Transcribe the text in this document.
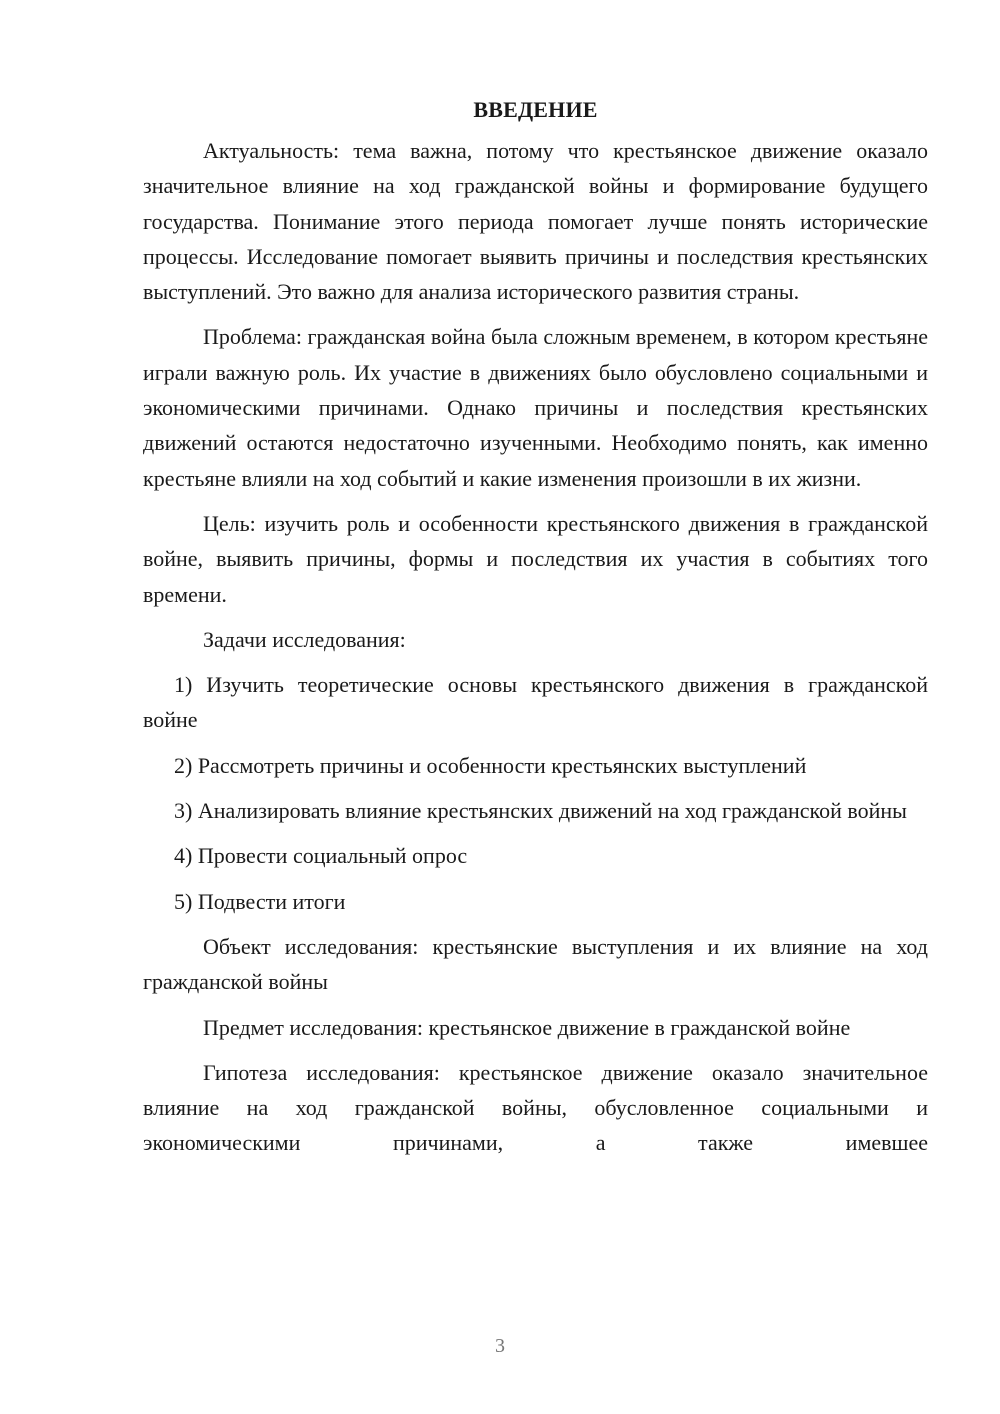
ВВЕДЕНИЕ

Актуальность: тема важна, потому что крестьянское движение оказало значительное влияние на ход гражданской войны и формирование будущего государства. Понимание этого периода помогает лучше понять исторические процессы. Исследование помогает выявить причины и последствия крестьянских выступлений. Это важно для анализа исторического развития страны.

Проблема: гражданская война была сложным временем, в котором крестьяне играли важную роль. Их участие в движениях было обусловлено социальными и экономическими причинами. Однако причины и последствия крестьянских движений остаются недостаточно изученными. Необходимо понять, как именно крестьяне влияли на ход событий и какие изменения произошли в их жизни.

Цель: изучить роль и особенности крестьянского движения в гражданской войне, выявить причины, формы и последствия их участия в событиях того времени.

Задачи исследования:

1) Изучить теоретические основы крестьянского движения в гражданской войне

2) Рассмотреть причины и особенности крестьянских выступлений

3) Анализировать влияние крестьянских движений на ход гражданской войны

4) Провести социальный опрос

5) Подвести итоги

Объект исследования: крестьянские выступления и их влияние на ход гражданской войны

Предмет исследования: крестьянское движение в гражданской войне

Гипотеза исследования: крестьянское движение оказало значительное влияние на ход гражданской войны, обусловленное социальными и экономическими причинами, а также имевшее

3
